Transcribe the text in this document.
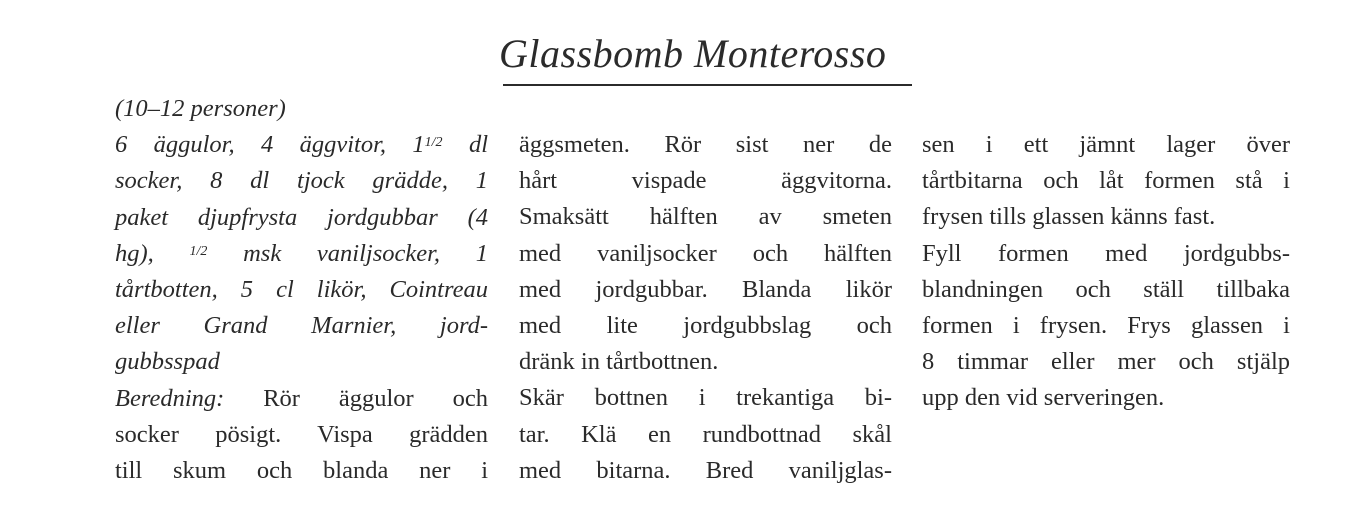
Glassbomb Monterosso
(10–12 personer)
6 äggulor, 4 äggvitor, $1^{1/2}$ dl
socker, 8 dl tjock grädde, 1
paket djupfrysta jordgubbar (4
hg),	$^{1/2}$ msk vaniljsocker, 1
tårtbotten, 5 cl likör, Cointreau
eller Grand Marnier, jord-
gubbsspad
Beredning: Rör äggulor och
socker pösigt. Vispa grädden
till skum och blanda ner i
äggsmeten. Rör sist ner de
hårt vispade äggvitorna.
Smaksätt hälften av smeten
med vaniljsocker och hälften
med jordgubbar. Blanda likör
med lite jordgubbslag och
dränk in tårtbottnen.
Skär bottnen i trekantiga bi-
tar. Klä en rundbottnad skål
med bitarna. Bred vaniljglas-
sen i ett jämnt lager över
tårtbitarna och låt formen stå i
frysen tills glassen känns fast.
Fyll formen med jordgubbs-
blandningen och ställ tillbaka
formen i frysen. Frys glassen i
8 timmar eller mer och stjälp
upp den vid serveringen.
